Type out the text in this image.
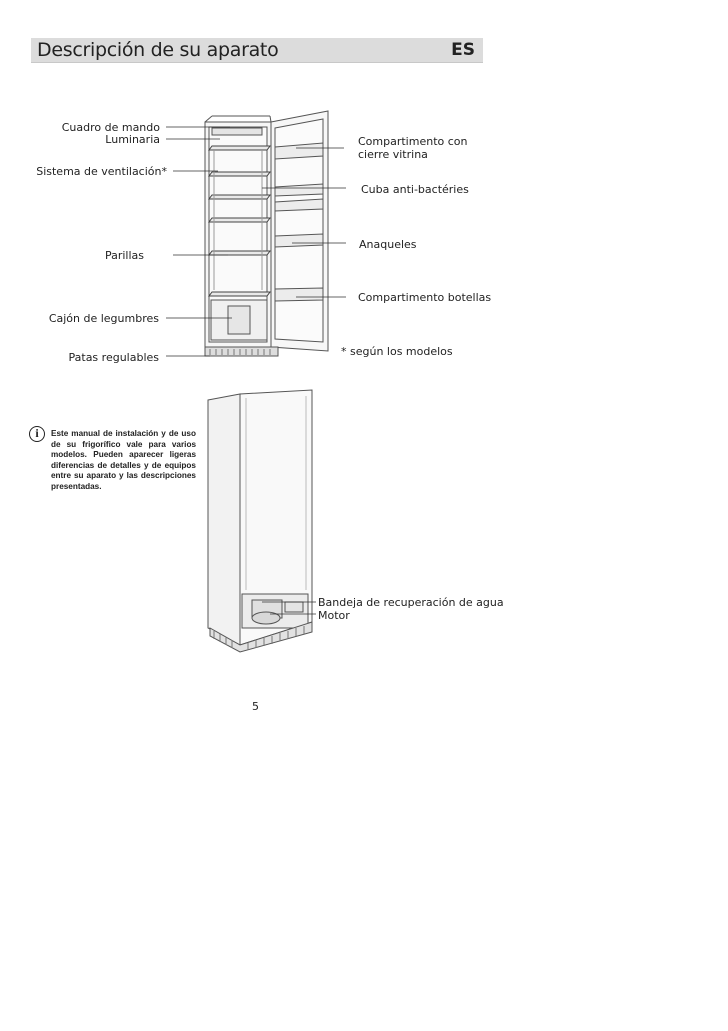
Descripción de su aparato	ES
Cuadro de mando
Luminaria
Sistema de ventilación*
Parillas
Cajón de legumbres
Patas regulables
Compartimento con
cierre vitrina
Cuba anti-bactéries
Anaqueles
Compartimento botellas
* según los modelos
Bandeja de recuperación de agua
Motor
i	Este manual de instalación y de uso de su frigorífico vale para varios modelos. Pueden aparecer ligeras diferencias de detalles y de equipos entre su aparato y las descripciones presentadas.
5
